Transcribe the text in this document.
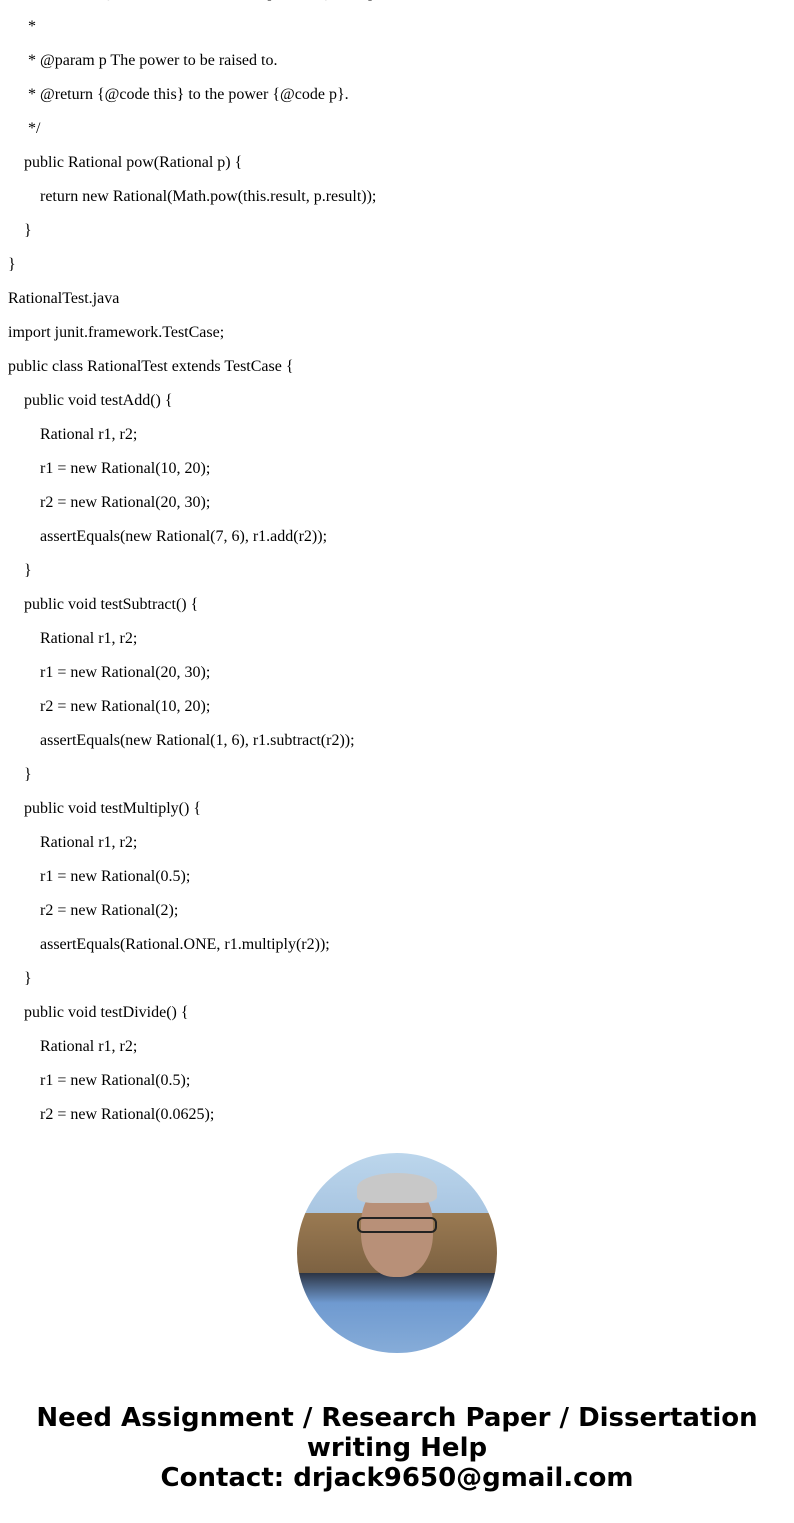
*
* @param p The power to be raised to.
* @return {@code this} to the power {@code p}.
*/
public Rational pow(Rational p) {
return new Rational(Math.pow(this.result, p.result));
}
}
RationalTest.java
import junit.framework.TestCase;
public class RationalTest extends TestCase {
public void testAdd() {
Rational r1, r2;
r1 = new Rational(10, 20);
r2 = new Rational(20, 30);
assertEquals(new Rational(7, 6), r1.add(r2));
}
public void testSubtract() {
Rational r1, r2;
r1 = new Rational(20, 30);
r2 = new Rational(10, 20);
assertEquals(new Rational(1, 6), r1.subtract(r2));
}
public void testMultiply() {
Rational r1, r2;
r1 = new Rational(0.5);
r2 = new Rational(2);
assertEquals(Rational.ONE, r1.multiply(r2));
}
public void testDivide() {
Rational r1, r2;
r1 = new Rational(0.5);
r2 = new Rational(0.0625);
Need Assignment / Research Paper / Dissertation
writing Help
Contact: drjack9650@gmail.com
